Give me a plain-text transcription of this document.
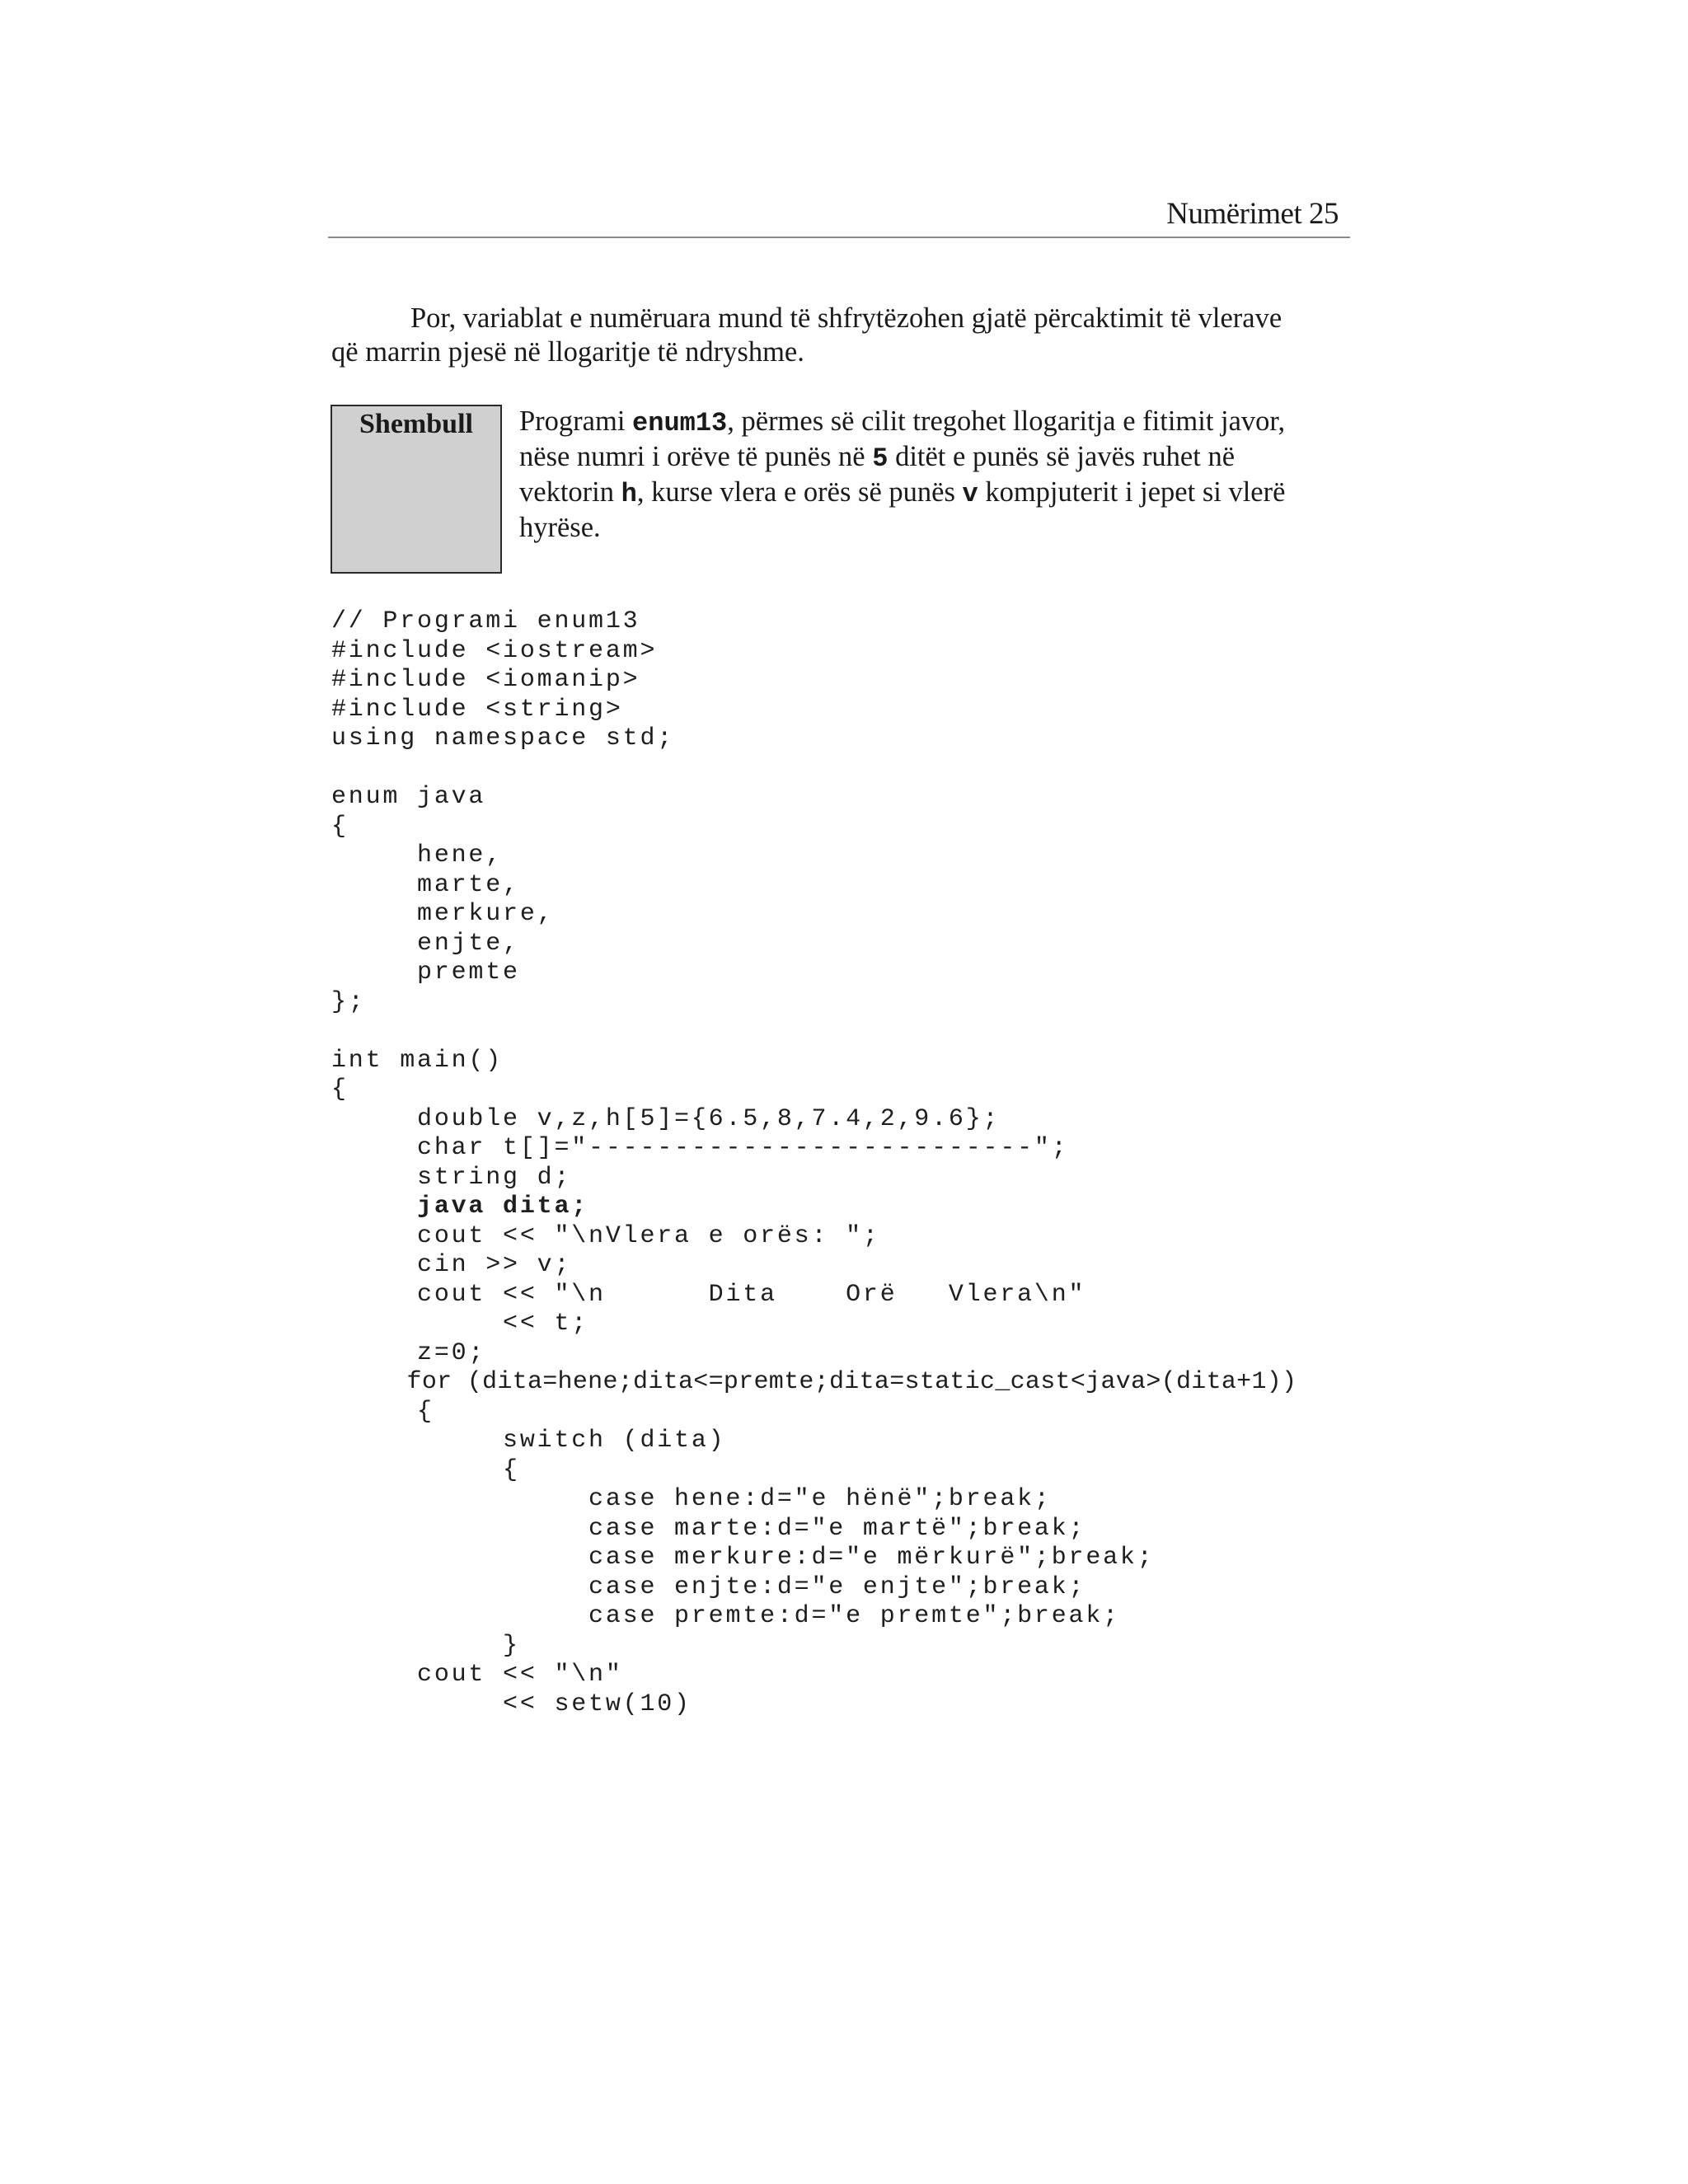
Numërimet 25

Por, variablat e numëruara mund të shfrytëzohen gjatë përcaktimit të vlerave që marrin pjesë në llogaritje të ndryshme.

Shembull	Programi enum13, përmes së cilit tregohet llogaritja e fitimit javor, nëse numri i orëve të punës në 5 ditët e punës së javës ruhet në vektorin h, kurse vlera e orës së punës v kompjuterit i jepet si vlerë hyrëse.

// Programi enum13
#include <iostream>
#include <iomanip>
#include <string>
using namespace std;
enum java
{
hene,
marte,
merkure,
enjte,
premte
};
int main()
{
double v,z,h[5]={6.5,8,7.4,2,9.6};
char t[]="--------------------------";
string d;
java dita;
cout << "\nVlera e orës: ";
cin >> v;
cout << "\n      Dita    Orë   Vlera\n"
<< t;
z=0;
for (dita=hene;dita<=premte;dita=static_cast<java>(dita+1))
{
switch (dita)
{
case hene:d="e hënë";break;
case marte:d="e martë";break;
case merkure:d="e mërkurë";break;
case enjte:d="e enjte";break;
case premte:d="e premte";break;
}
cout << "\n"
<< setw(10)
